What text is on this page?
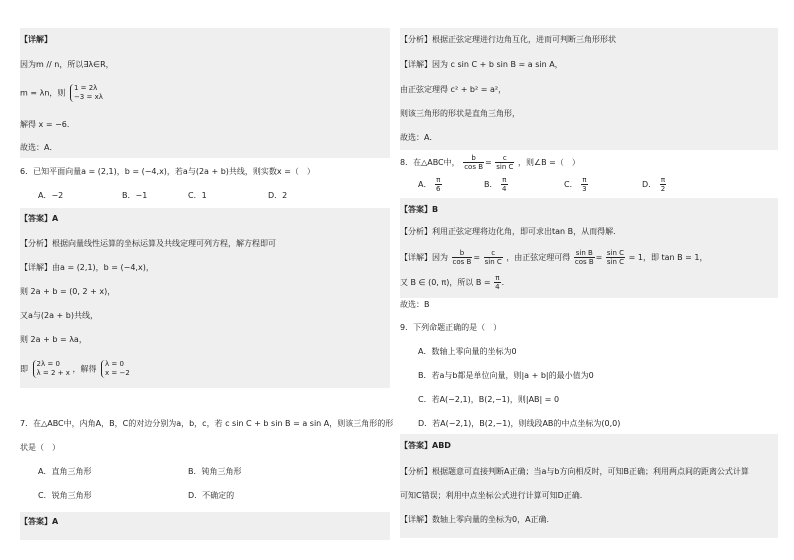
【详解】
因为m // n，所以∃λ∈R，
m = λn，则
1 = 2λ
−3 = xλ
解得 x = −6．
故选：A．
6．已知平面向量a = (2,1)，b = (−4,x)，若a与(2a + b)共线，则实数x =（　）
A．−2	B．−1	C．1	D．2
【答案】A
【分析】根据向量线性运算的坐标运算及共线定理可列方程，解方程即可
【详解】由a = (2,1)，b = (−4,x)，
则 2a + b = (0, 2 + x)，
又a与(2a + b)共线，
则 2a + b = λa，
即
2λ = 0
λ = 2 + x ，解得
λ = 0
x = −2
7．在△ABC中，内角A，B，C的对边分别为a，b，c，若 c sin C + b sin B = a sin A，则该三角形的形
状是（　）
A．直角三角形	B．钝角三角形
C．锐角三角形	D．不确定的
【答案】A
【分析】根据正弦定理进行边角互化，进而可判断三角形形状
【详解】因为 c sin C + b sin B = a sin A，
由正弦定理得 c² + b² = a²，
则该三角形的形状是直角三角形，
故选：A．
8．在△ABC中， $\frac{b}{\text{cos B}} = \frac{c}{\text{sin C}}$ ，则∠B =（　）
A． $\frac{\pi}{6}$	B． $\frac{\pi}{4}$	C． $\frac{\pi}{3}$	D． $\frac{\pi}{2}$
【答案】B
【分析】利用正弦定理将边化角，即可求出tan B，从而得解．
【详解】因为 $\frac{b}{\text{cos B}} = \frac{c}{\text{sin C}}$ ，由正弦定理可得 $\frac{\text{sin B}}{\text{cos B}} = \frac{\text{sin C}}{\text{sin C}} = 1$，即 tan B = 1，
又 B ∈ (0, π)，所以 $B = \frac{\pi}{4}$ ．
故选：B
9．下列命题正确的是（　）
A．数轴上零向量的坐标为0
B．若a与b都是单位向量，则|a + b|的最小值为0
C．若A(−2,1)，B(2,−1)，则|AB| = 0
D．若A(−2,1)，B(2,−1)，则线段AB的中点坐标为(0,0)
【答案】ABD
【分析】根据题意可直接判断A正确；当a与b方向相反时，可知B正确；利用两点间的距离公式计算
可知C错误；利用中点坐标公式进行计算可知D正确．
【详解】数轴上零向量的坐标为0，A正确.
